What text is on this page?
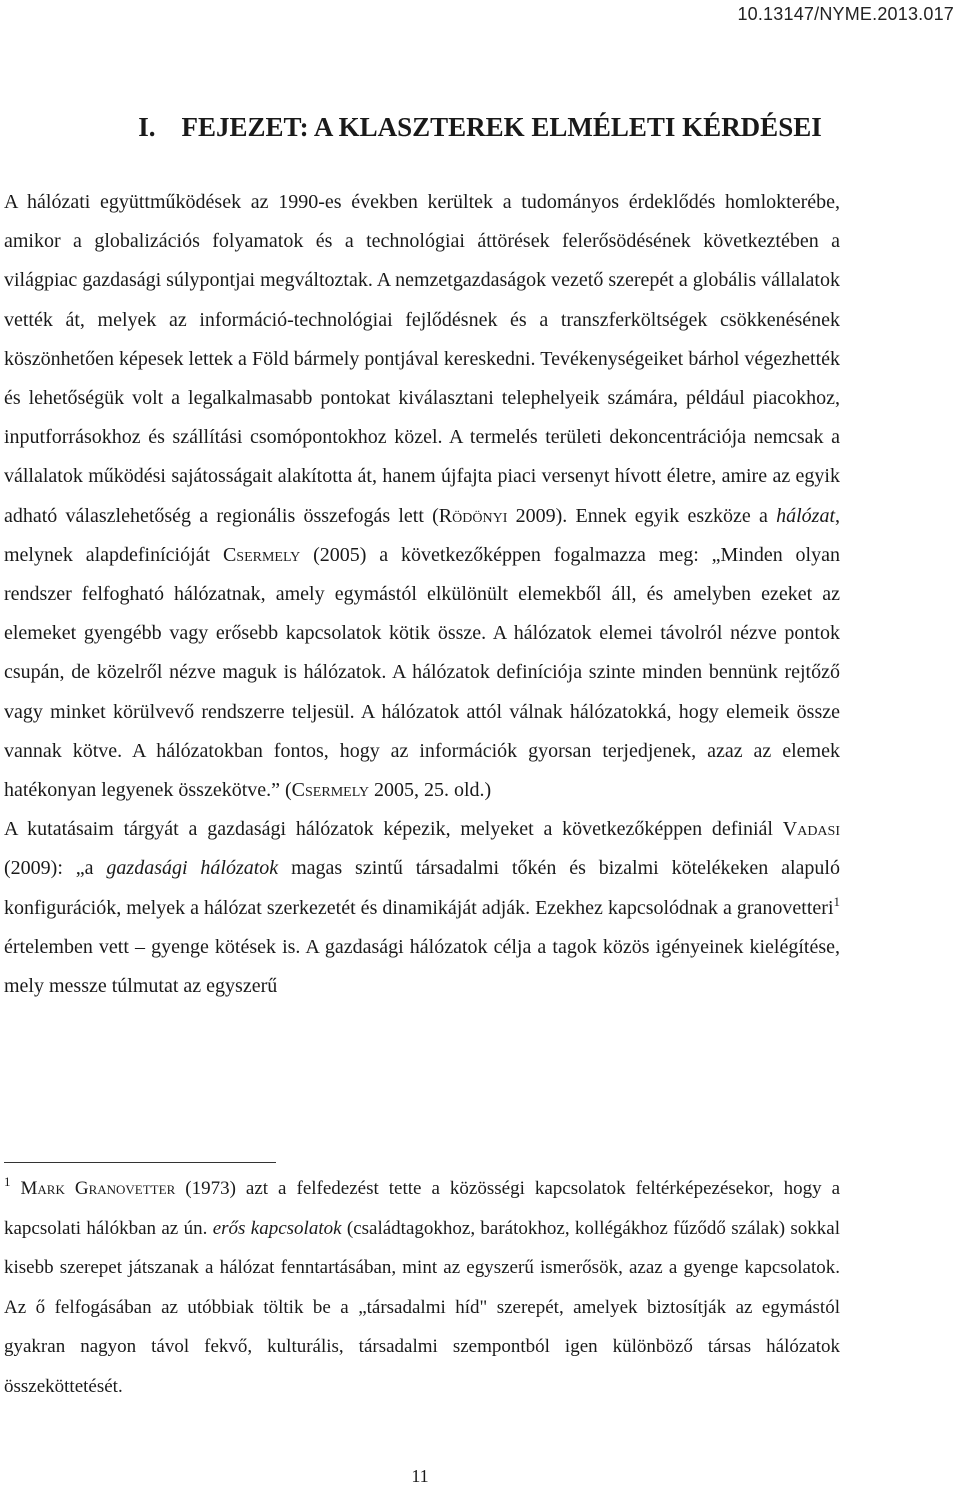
10.13147/NYME.2013.017
I. FEJEZET: A KLASZTEREK ELMÉLETI KÉRDÉSEI

A hálózati együttműködések az 1990-es években kerültek a tudományos érdeklődés homlokterébe, amikor a globalizációs folyamatok és a technológiai áttörések felerősödésének következtében a világpiac gazdasági súlypontjai megváltoztak. A nemzetgazdaságok vezető szerepét a globális vállalatok vették át, melyek az információ-technológiai fejlődésnek és a transzferköltségek csökkenésének köszönhetően képesek lettek a Föld bármely pontjával kereskedni. Tevékenységeiket bárhol végezhették és lehetőségük volt a legalkalmasabb pontokat kiválasztani telephelyeik számára, például piacokhoz, inputforrásokhoz és szállítási csomópontokhoz közel. A termelés területi dekoncentrációja nemcsak a vállalatok működési sajátosságait alakította át, hanem újfajta piaci versenyt hívott életre, amire az egyik adható válaszlehetőség a regionális összefogás lett (Rödönyi 2009). Ennek egyik eszköze a hálózat, melynek alapdefinícióját Csermely (2005) a következőképpen fogalmazza meg: „Minden olyan rendszer felfogható hálózatnak, amely egymástól elkülönült elemekből áll, és amelyben ezeket az elemeket gyengébb vagy erősebb kapcsolatok kötik össze. A hálózatok elemei távolról nézve pontok csupán, de közelről nézve maguk is hálózatok. A hálózatok definíciója szinte minden bennünk rejtőző vagy minket körülvevő rendszerre teljesül. A hálózatok attól válnak hálózatokká, hogy elemeik össze vannak kötve. A hálózatokban fontos, hogy az információk gyorsan terjedjenek, azaz az elemek hatékonyan legyenek összekötve.” (Csermely 2005, 25. old.)

A kutatásaim tárgyát a gazdasági hálózatok képezik, melyeket a következőképpen definiál Vadasi (2009): „a gazdasági hálózatok magas szintű társadalmi tőkén és bizalmi kötelékeken alapuló konfigurációk, melyek a hálózat szerkezetét és dinamikáját adják. Ezekhez kapcsolódnak a granovetteri$^1$ értelemben vett – gyenge kötések is. A gazdasági hálózatok célja a tagok közös igényeinek kielégítése, mely messze túlmutat az egyszerű

$^1$ Mark Granovetter (1973) azt a felfedezést tette a közösségi kapcsolatok feltérképezésekor, hogy a kapcsolati hálókban az ún. erős kapcsolatok (családtagokhoz, barátokhoz, kollégákhoz fűződő szálak) sokkal kisebb szerepet játszanak a hálózat fenntartásában, mint az egyszerű ismerősök, azaz a gyenge kapcsolatok. Az ő felfogásában az utóbbiak töltik be a „társadalmi híd" szerepét, amelyek biztosítják az egymástól gyakran nagyon távol fekvő, kulturális, társadalmi szempontból igen különböző társas hálózatok összeköttetését.

11
